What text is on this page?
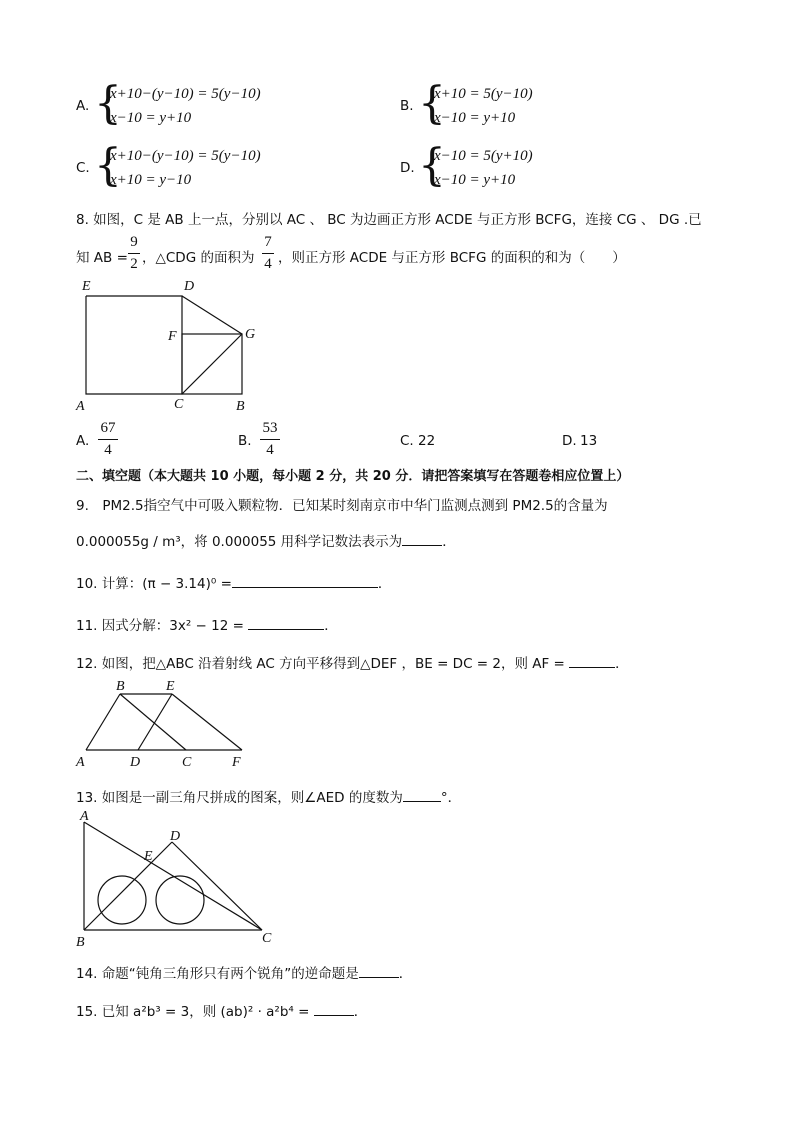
A. {
x+10−(y−10) = 5(y−10)
x−10 = y+10
B. {
x+10 = 5(y−10)
x−10 = y+10
C. {
x+10−(y−10) = 5(y−10)
x+10 = y−10
D. {
x−10 = 5(y+10)
x−10 = y+10
8. 如图，C 是 AB 上一点，分别以 AC 、 BC 为边画正方形 ACDE 与正方形 BCFG，连接 CG 、 DG .已
知 AB =
9
2 ，△CDG 的面积为
7
4 ，则正方形 ACDE 与正方形 BCFG 的面积的和为（　　）
E	D
F	G
A	C	B
A.
67
4
B.
53
4
C. 22	D. 13
二、填空题（本大题共 10 小题，每小题 2 分，共 20 分．请把答案填写在答题卷相应位置上）
9.　PM2.5指空气中可吸入颗粒物．已知某时刻南京市中华门监测点测到 PM2.5的含量为
0.000055g / m³，将 0.000055 用科学记数法表示为	．
10. 计算：(π − 3.14)⁰ =	．
11. 因式分解：3x² − 12 =	．
12. 如图，把△ABC 沿着射线 AC 方向平移得到△DEF ，BE = DC = 2，则 AF =	．
B	E
A	D	C	F
13. 如图是一副三角尺拼成的图案，则∠AED 的度数为	°．
A
D
E
B	C
14. 命题“钝角三角形只有两个锐角”的逆命题是	．
15. 已知 a²b³ = 3，则 (ab)² · a²b⁴ =	．
